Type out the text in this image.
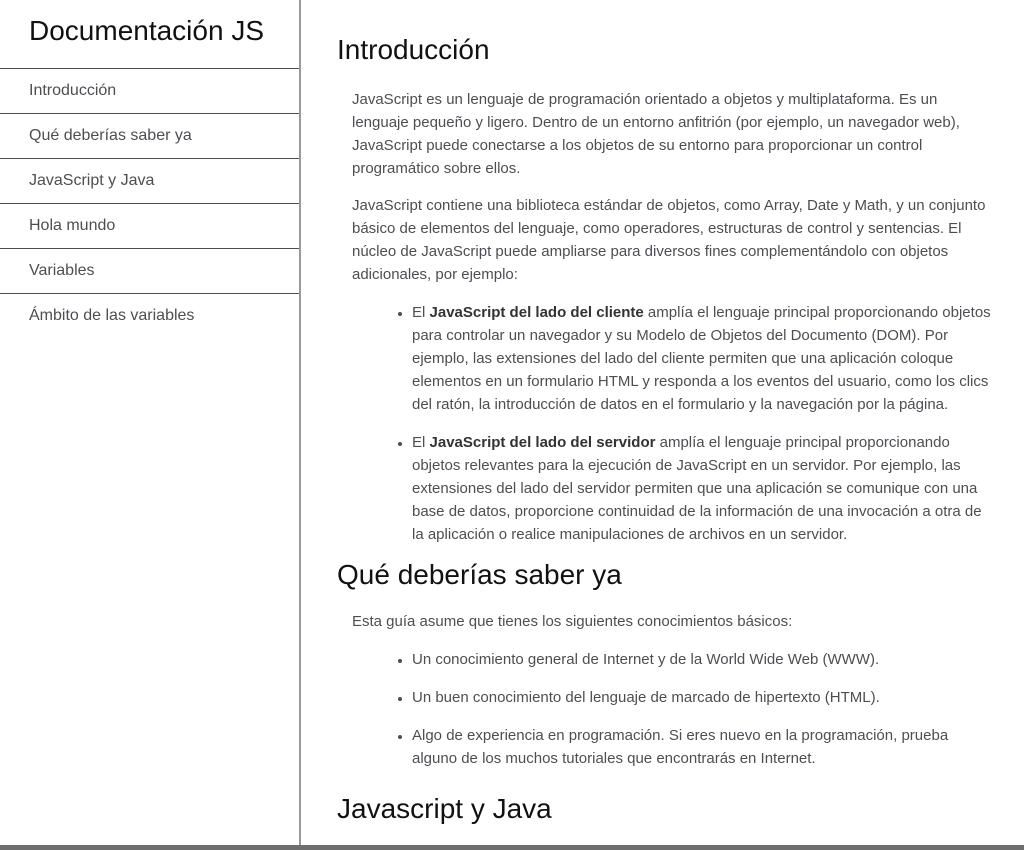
Documentación JS
Introducción
Qué deberías saber ya
JavaScript y Java
Hola mundo
Variables
Ámbito de las variables
Introducción

JavaScript es un lenguaje de programación orientado a objetos y multiplataforma. Es un lenguaje pequeño y ligero. Dentro de un entorno anfitrión (por ejemplo, un navegador web), JavaScript puede conectarse a los objetos de su entorno para proporcionar un control programático sobre ellos.

JavaScript contiene una biblioteca estándar de objetos, como Array, Date y Math, y un conjunto básico de elementos del lenguaje, como operadores, estructuras de control y sentencias. El núcleo de JavaScript puede ampliarse para diversos fines complementándolo con objetos adicionales, por ejemplo:

• El JavaScript del lado del cliente amplía el lenguaje principal proporcionando objetos para controlar un navegador y su Modelo de Objetos del Documento (DOM). Por ejemplo, las extensiones del lado del cliente permiten que una aplicación coloque elementos en un formulario HTML y responda a los eventos del usuario, como los clics del ratón, la introducción de datos en el formulario y la navegación por la página.
• El JavaScript del lado del servidor amplía el lenguaje principal proporcionando objetos relevantes para la ejecución de JavaScript en un servidor. Por ejemplo, las extensiones del lado del servidor permiten que una aplicación se comunique con una base de datos, proporcione continuidad de la información de una invocación a otra de la aplicación o realice manipulaciones de archivos en un servidor.
Qué deberías saber ya

Esta guía asume que tienes los siguientes conocimientos básicos:

• Un conocimiento general de Internet y de la World Wide Web (WWW).
• Un buen conocimiento del lenguaje de marcado de hipertexto (HTML).
• Algo de experiencia en programación. Si eres nuevo en la programación, prueba alguno de los muchos tutoriales que encontrarás en Internet.
Javascript y Java
